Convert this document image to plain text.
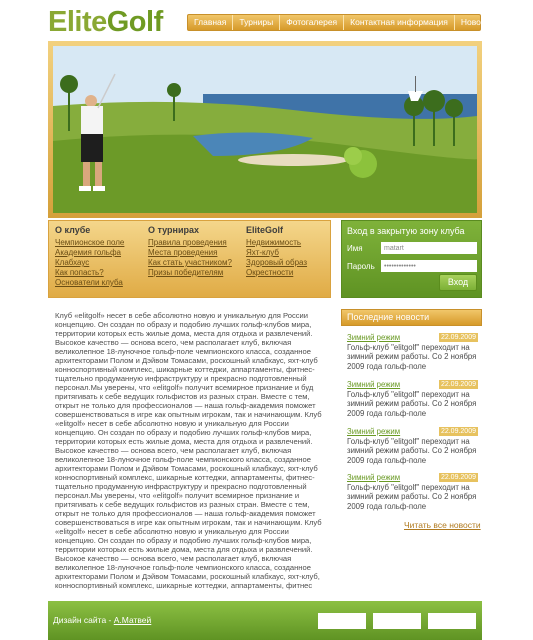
EliteGolf	Главная	Турниры	Фотогалерея	Контактная информация	Новости
О клубе
Чемпионское поле
Академия гольфа
Клабхаус
Как попасть?
Основатели клуба
О турнирах
Правила проведения
Места проведения
Как стать участником?
Призы победителям
EliteGolf
Недвижимость
Яхт-клуб
Здоровый образ
Окрестности
Вход в закрытую зону клуба
Имя
matart
Пароль
•••••••••••••
Вход
Клуб «elitgolf» несет в себе абсолютно новую и уникальную для России концепцию. Он создан по образу и подобию лучших гольф-клубов мира, территории которых есть жилые дома, места для отдыха и развлечений. Высокое качество — основа всего, чем располагает клуб, включая великолепное 18-луночное гольф-поле чемпионского класса, созданное архитекторами Полом и Дэйвом Томасами, роскошный клабхаус, яхт-клуб конноспортивный комплекс, шикарные коттеджи, аппартаменты, фитнес-тщательно продуманную инфраструктуру и прекрасно подготовленный персонал.Мы уверены, что «elitgolf» получит всемирное признание и буд притягивать к себе ведущих гольфистов из разных стран. Вместе с тем, открыт не только для профессионалов — наша гольф-академия поможет совершенствоваться в игре как опытным игрокам, так и начинающим. Клуб «elitgolf» несет в себе абсолютно новую и уникальную для России концепцию. Он создан по образу и подобию лучших гольф-клубов мира, территории которых есть жилые дома, места для отдыха и развлечений. Высокое качество — основа всего, чем располагает клуб, включая великолепное 18-луночное гольф-поле чемпионского класса, созданное архитекторами Полом и Дэйвом Томасами, роскошный клабхаус, яхт-клуб конноспортивный комплекс, шикарные коттеджи, аппартаменты, фитнес-тщательно продуманную инфраструктуру и прекрасно подготовленный персонал.Мы уверены, что «elitgolf» получит всемирное признание и притягивать к себе ведущих гольфистов из разных стран. Вместе с тем, открыт не только для профессионалов — наша гольф-академия поможет совершенствоваться в игре как опытным игрокам, так и начинающим. Клуб «elitgolf» несет в себе абсолютно новую и уникальную для России концепцию. Он создан по образу и подобию лучших гольф-клубов мира, территории которых есть жилые дома, места для отдыха и развлечений. Высокое качество — основа всего, чем располагает клуб, включая великолепное 18-луночное гольф-поле чемпионского класса, созданное архитекторами Полом и Дэйвом Томасами, роскошный клабхаус, яхт-клуб, конноспортивный комплекс, шикарные коттеджи, аппартаменты, фитнес
Последние новости
Зимний режим	22.09.2009
Гольф-клуб "elitgolf" переходит на зимний режим работы. Со 2 ноября 2009 года гольф-поле
Зимний режим	22.09.2009
Гольф-клуб "elitgolf" переходит на зимний режим работы. Со 2 ноября 2009 года гольф-поле
Зимний режим	22.09.2009
Гольф-клуб "elitgolf" переходит на зимний режим работы. Со 2 ноября 2009 года гольф-поле
Зимний режим	22.09.2009
Гольф-клуб "elitgolf" переходит на зимний режим работы. Со 2 ноября 2009 года гольф-поле
Читать все новости
Дизайн сайта - А.Матвей
